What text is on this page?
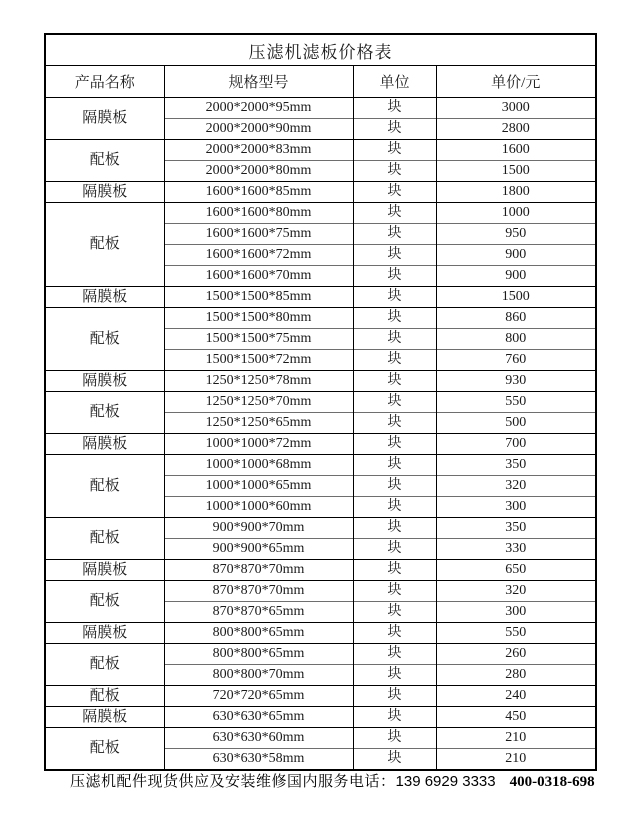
压滤机滤板价格表			
产品名称	规格型号	单位	单价/元
隔膜板	2000*2000*95mm	块	3000
	2000*2000*90mm	块	2800
配板	2000*2000*83mm	块	1600
	2000*2000*80mm	块	1500
隔膜板	1600*1600*85mm	块	1800
配板	1600*1600*80mm	块	1000
	1600*1600*75mm	块	950
	1600*1600*72mm	块	900
	1600*1600*70mm	块	900
隔膜板	1500*1500*85mm	块	1500
配板	1500*1500*80mm	块	860
	1500*1500*75mm	块	800
	1500*1500*72mm	块	760
隔膜板	1250*1250*78mm	块	930
配板	1250*1250*70mm	块	550
	1250*1250*65mm	块	500
隔膜板	1000*1000*72mm	块	700
配板	1000*1000*68mm	块	350
	1000*1000*65mm	块	320
	1000*1000*60mm	块	300
配板	900*900*70mm	块	350
	900*900*65mm	块	330
隔膜板	870*870*70mm	块	650
配板	870*870*70mm	块	320
	870*870*65mm	块	300
隔膜板	800*800*65mm	块	550
配板	800*800*65mm	块	260
	800*800*70mm	块	280
配板	720*720*65mm	块	240
隔膜板	630*630*65mm	块	450
配板	630*630*60mm	块	210
	630*630*58mm	块	210
压滤机配件现货供应及安装维修国内服务电话：139 6929 3333 400-0318-698
